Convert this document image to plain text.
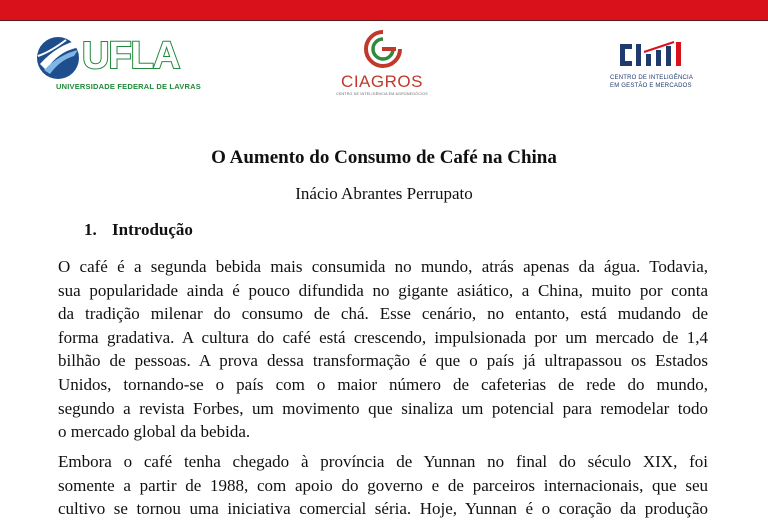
UFLA
UNIVERSIDADE FEDERAL DE LAVRAS	CIAGROS
CENTRO DE INTELIGÊNCIA EM AGRONEGÓCIOS
CENTRO DE INTELIGÊNCIA
EM GESTÃO E MERCADOS
O Aumento do Consumo de Café na China
Inácio Abrantes Perrupato
1. Introdução
O café é a segunda bebida mais consumida no mundo, atrás apenas da água. Todavia,
sua popularidade ainda é pouco difundida no gigante asiático, a China, muito por conta
da tradição milenar do consumo de chá. Esse cenário, no entanto, está mudando de
forma gradativa. A cultura do café está crescendo, impulsionada por um mercado de 1,4
bilhão de pessoas. A prova dessa transformação é que o país já ultrapassou os Estados
Unidos, tornando-se o país com o maior número de cafeterias de rede do mundo,
segundo a revista Forbes, um movimento que sinaliza um potencial para remodelar todo
o mercado global da bebida.
Embora o café tenha chegado à província de Yunnan no final do século XIX, foi
somente a partir de 1988, com apoio do governo e de parceiros internacionais, que seu
cultivo se tornou uma iniciativa comercial séria. Hoje, Yunnan é o coração da produção
